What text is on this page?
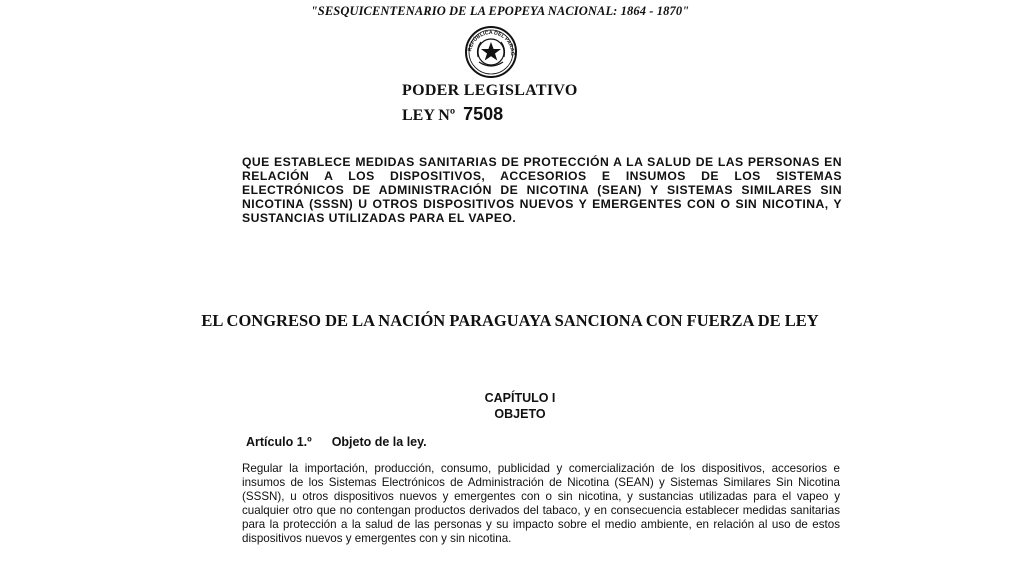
"SESQUICENTENARIO DE LA EPOPEYA NACIONAL: 1864 - 1870"
REPÚBLICA DEL PARAG
PODER LEGISLATIVO
LEY Nº 7508
QUE ESTABLECE MEDIDAS SANITARIAS DE PROTECCIÓN A LA SALUD DE LAS PERSONAS EN RELACIÓN A LOS DISPOSITIVOS, ACCESORIOS E INSUMOS DE LOS SISTEMAS ELECTRÓNICOS DE ADMINISTRACIÓN DE NICOTINA (SEAN) Y SISTEMAS SIMILARES SIN NICOTINA (SSSN) U OTROS DISPOSITIVOS NUEVOS Y EMERGENTES CON O SIN NICOTINA, Y SUSTANCIAS UTILIZADAS PARA EL VAPEO.
EL CONGRESO DE LA NACIÓN PARAGUAYA SANCIONA CON FUERZA DE LEY
CAPÍTULO I
OBJETO
Artículo 1.º Objeto de la ley.
Regular la importación, producción, consumo, publicidad y comercialización de los dispositivos, accesorios e insumos de los Sistemas Electrónicos de Administración de Nicotina (SEAN) y Sistemas Similares Sin Nicotina (SSSN), u otros dispositivos nuevos y emergentes con o sin nicotina, y sustancias utilizadas para el vapeo y cualquier otro que no contengan productos derivados del tabaco, y en consecuencia establecer medidas sanitarias para la protección a la salud de las personas y su impacto sobre el medio ambiente, en relación al uso de estos dispositivos nuevos y emergentes con y sin nicotina.
